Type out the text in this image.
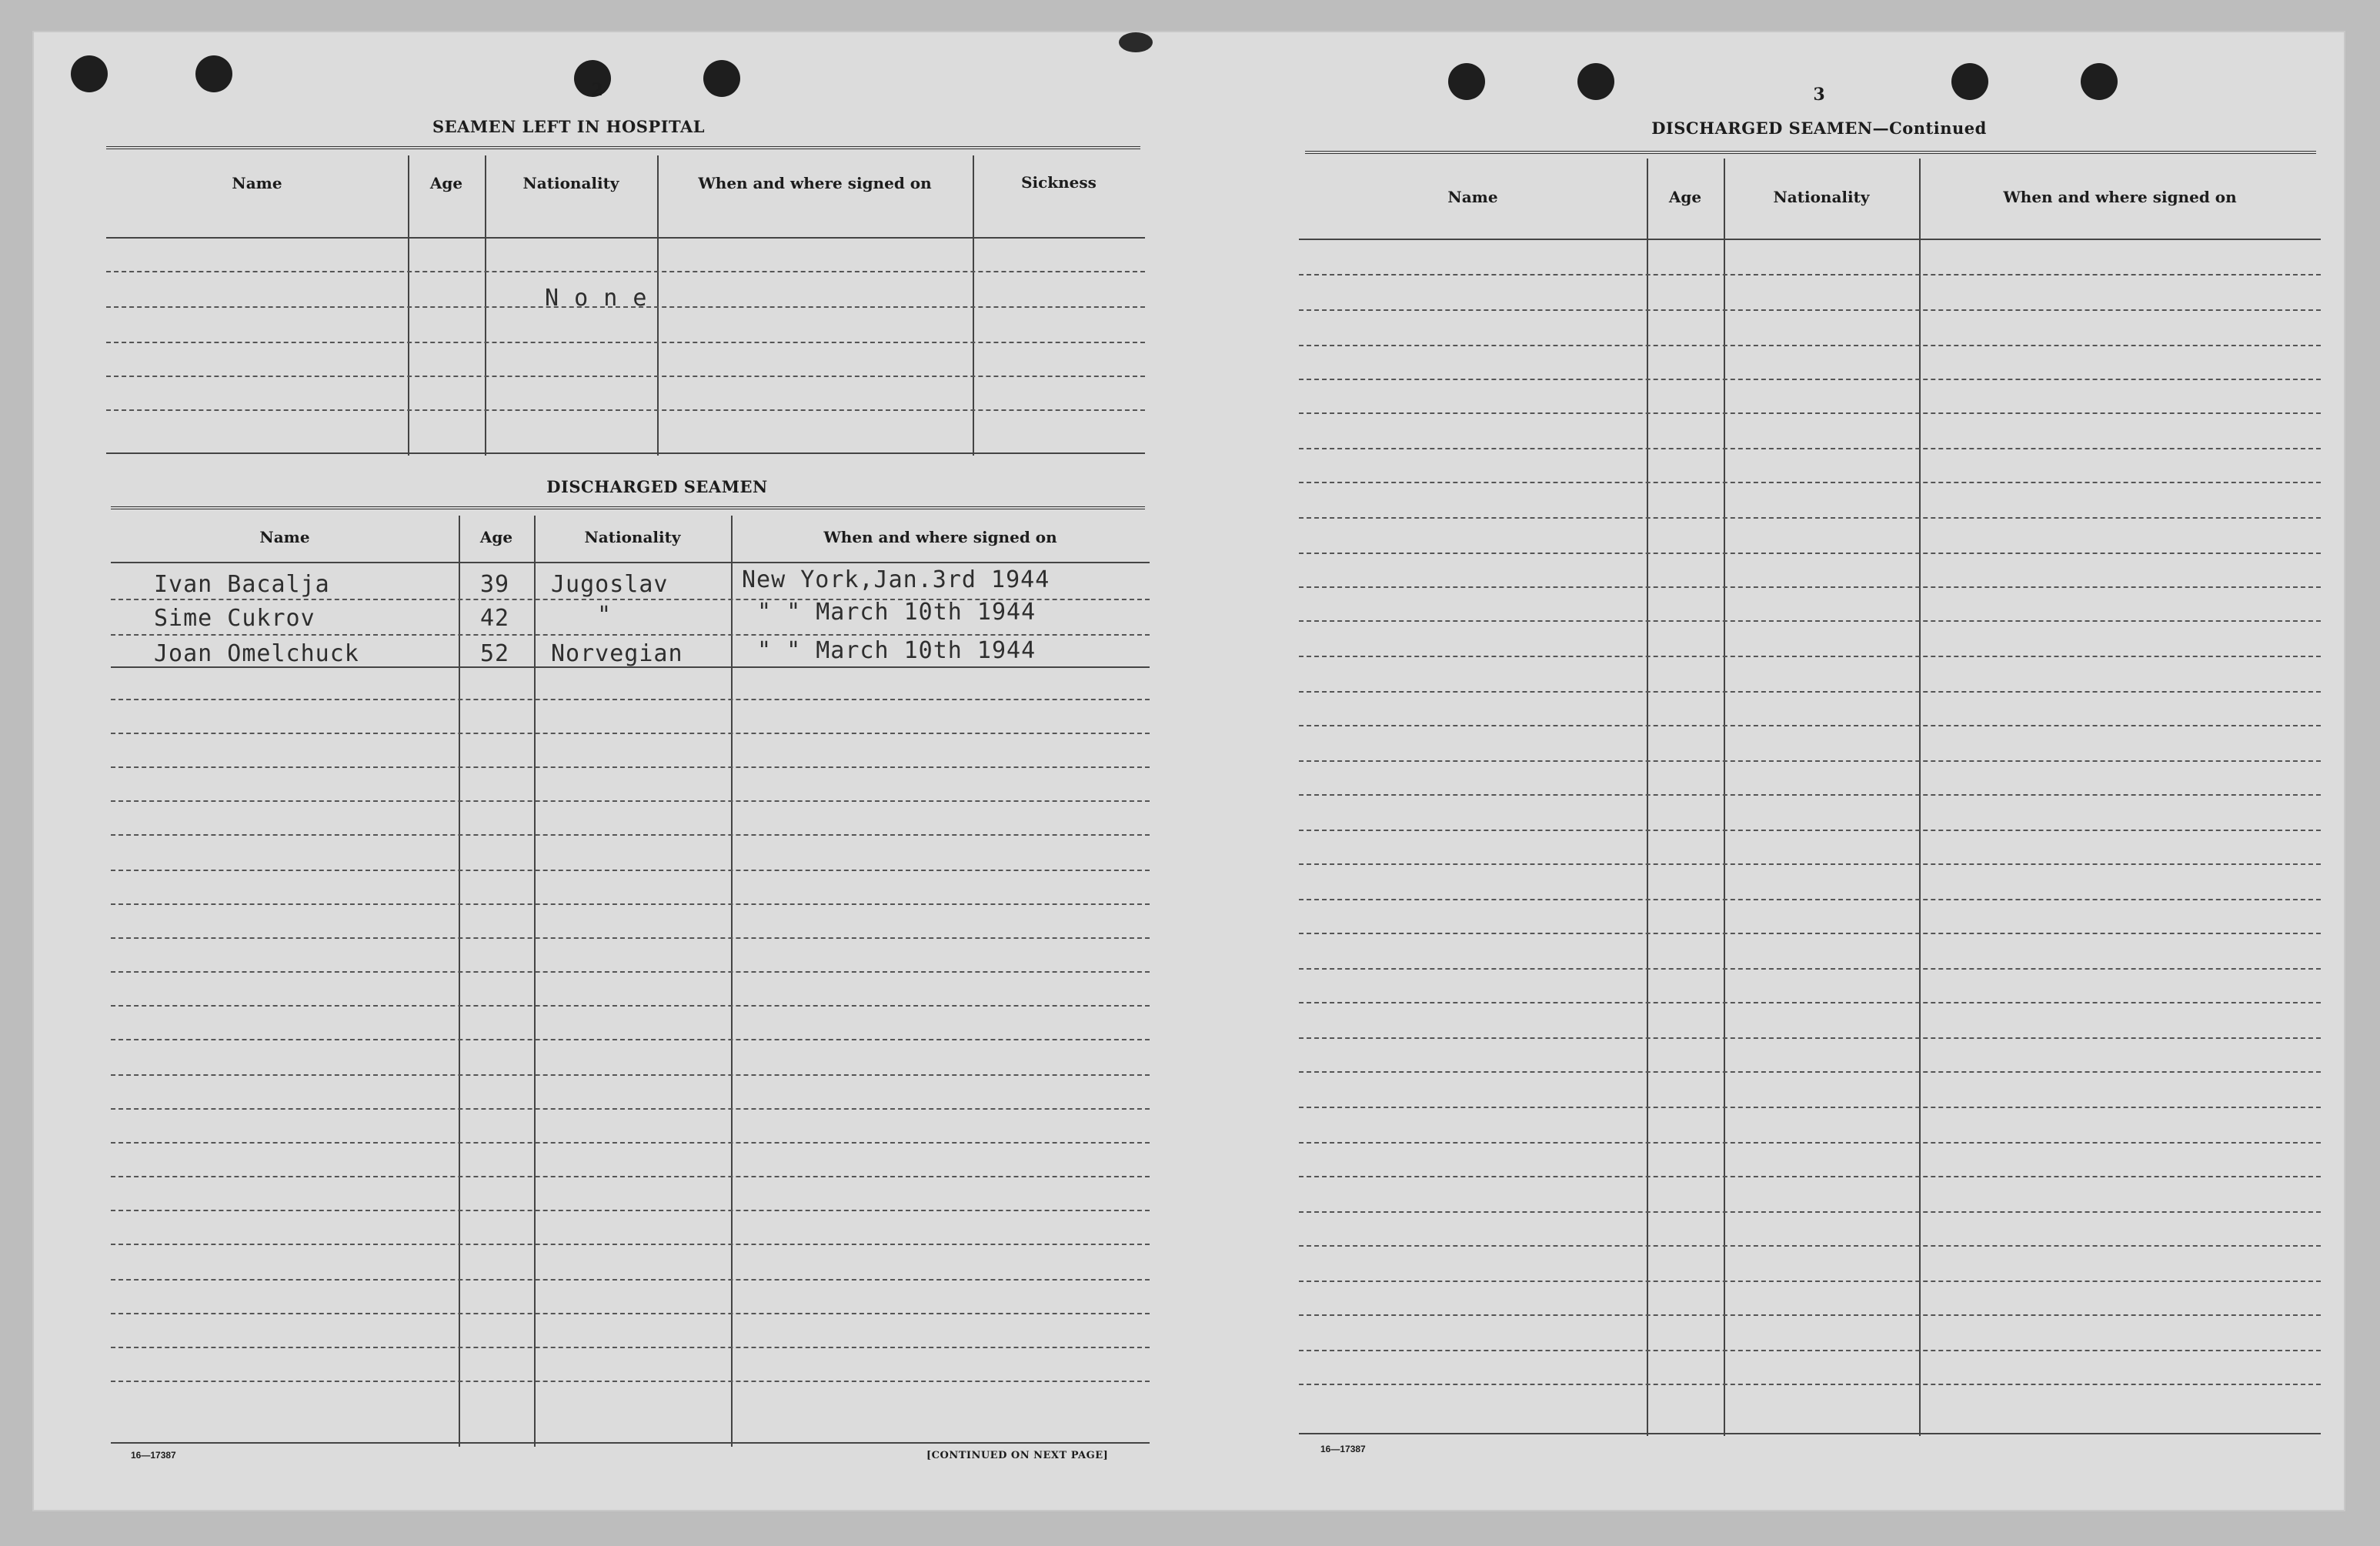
2
SEAMEN LEFT IN HOSPITAL
Name	Age	Nationality	When and where signed on	Sickness
N o n e
DISCHARGED SEAMEN
Name	Age	Nationality	When and where signed on
Ivan Bacalja	39 Jugoslav	New York,Jan.3rd 1944
Sime Cukrov	42	"	" " March 10th 1944
Joan Omelchuck	52 Norvegian	" " March 10th 1944
16—17387	[CONTINUED ON NEXT PAGE]
3
DISCHARGED SEAMEN—Continued
Name	Age	Nationality	When and where signed on
16—17387
